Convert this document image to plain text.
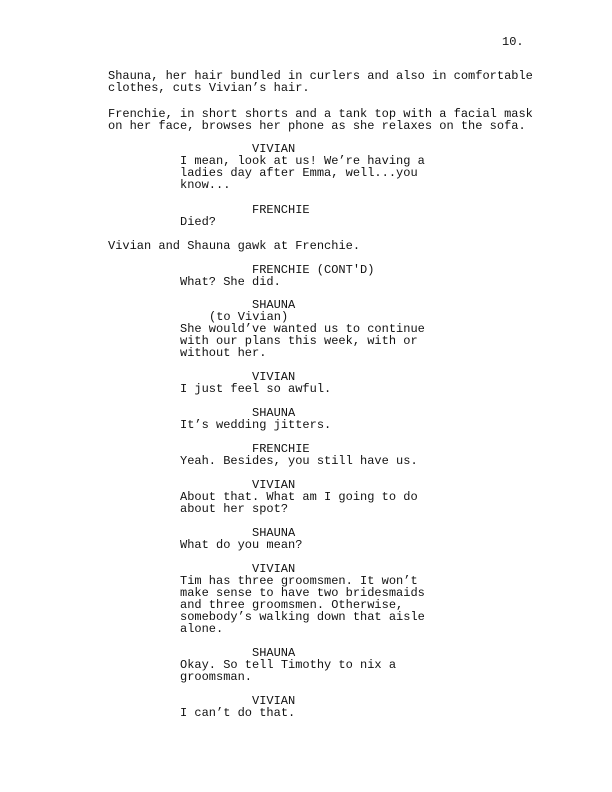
10.
Shauna, her hair bundled in curlers and also in comfortable
clothes, cuts Vivian’s hair.
Frenchie, in short shorts and a tank top with a facial mask
on her face, browses her phone as she relaxes on the sofa.
VIVIAN
I mean, look at us! We’re having a
ladies day after Emma, well...you
know...
FRENCHIE
Died?
Vivian and Shauna gawk at Frenchie.
FRENCHIE (CONT'D)
What? She did.
SHAUNA
(to Vivian)
She would’ve wanted us to continue
with our plans this week, with or
without her.
VIVIAN
I just feel so awful.
SHAUNA
It’s wedding jitters.
FRENCHIE
Yeah. Besides, you still have us.
VIVIAN
About that. What am I going to do
about her spot?
SHAUNA
What do you mean?
VIVIAN
Tim has three groomsmen. It won’t
make sense to have two bridesmaids
and three groomsmen. Otherwise,
somebody’s walking down that aisle
alone.
SHAUNA
Okay. So tell Timothy to nix a
groomsman.
VIVIAN
I can’t do that.
